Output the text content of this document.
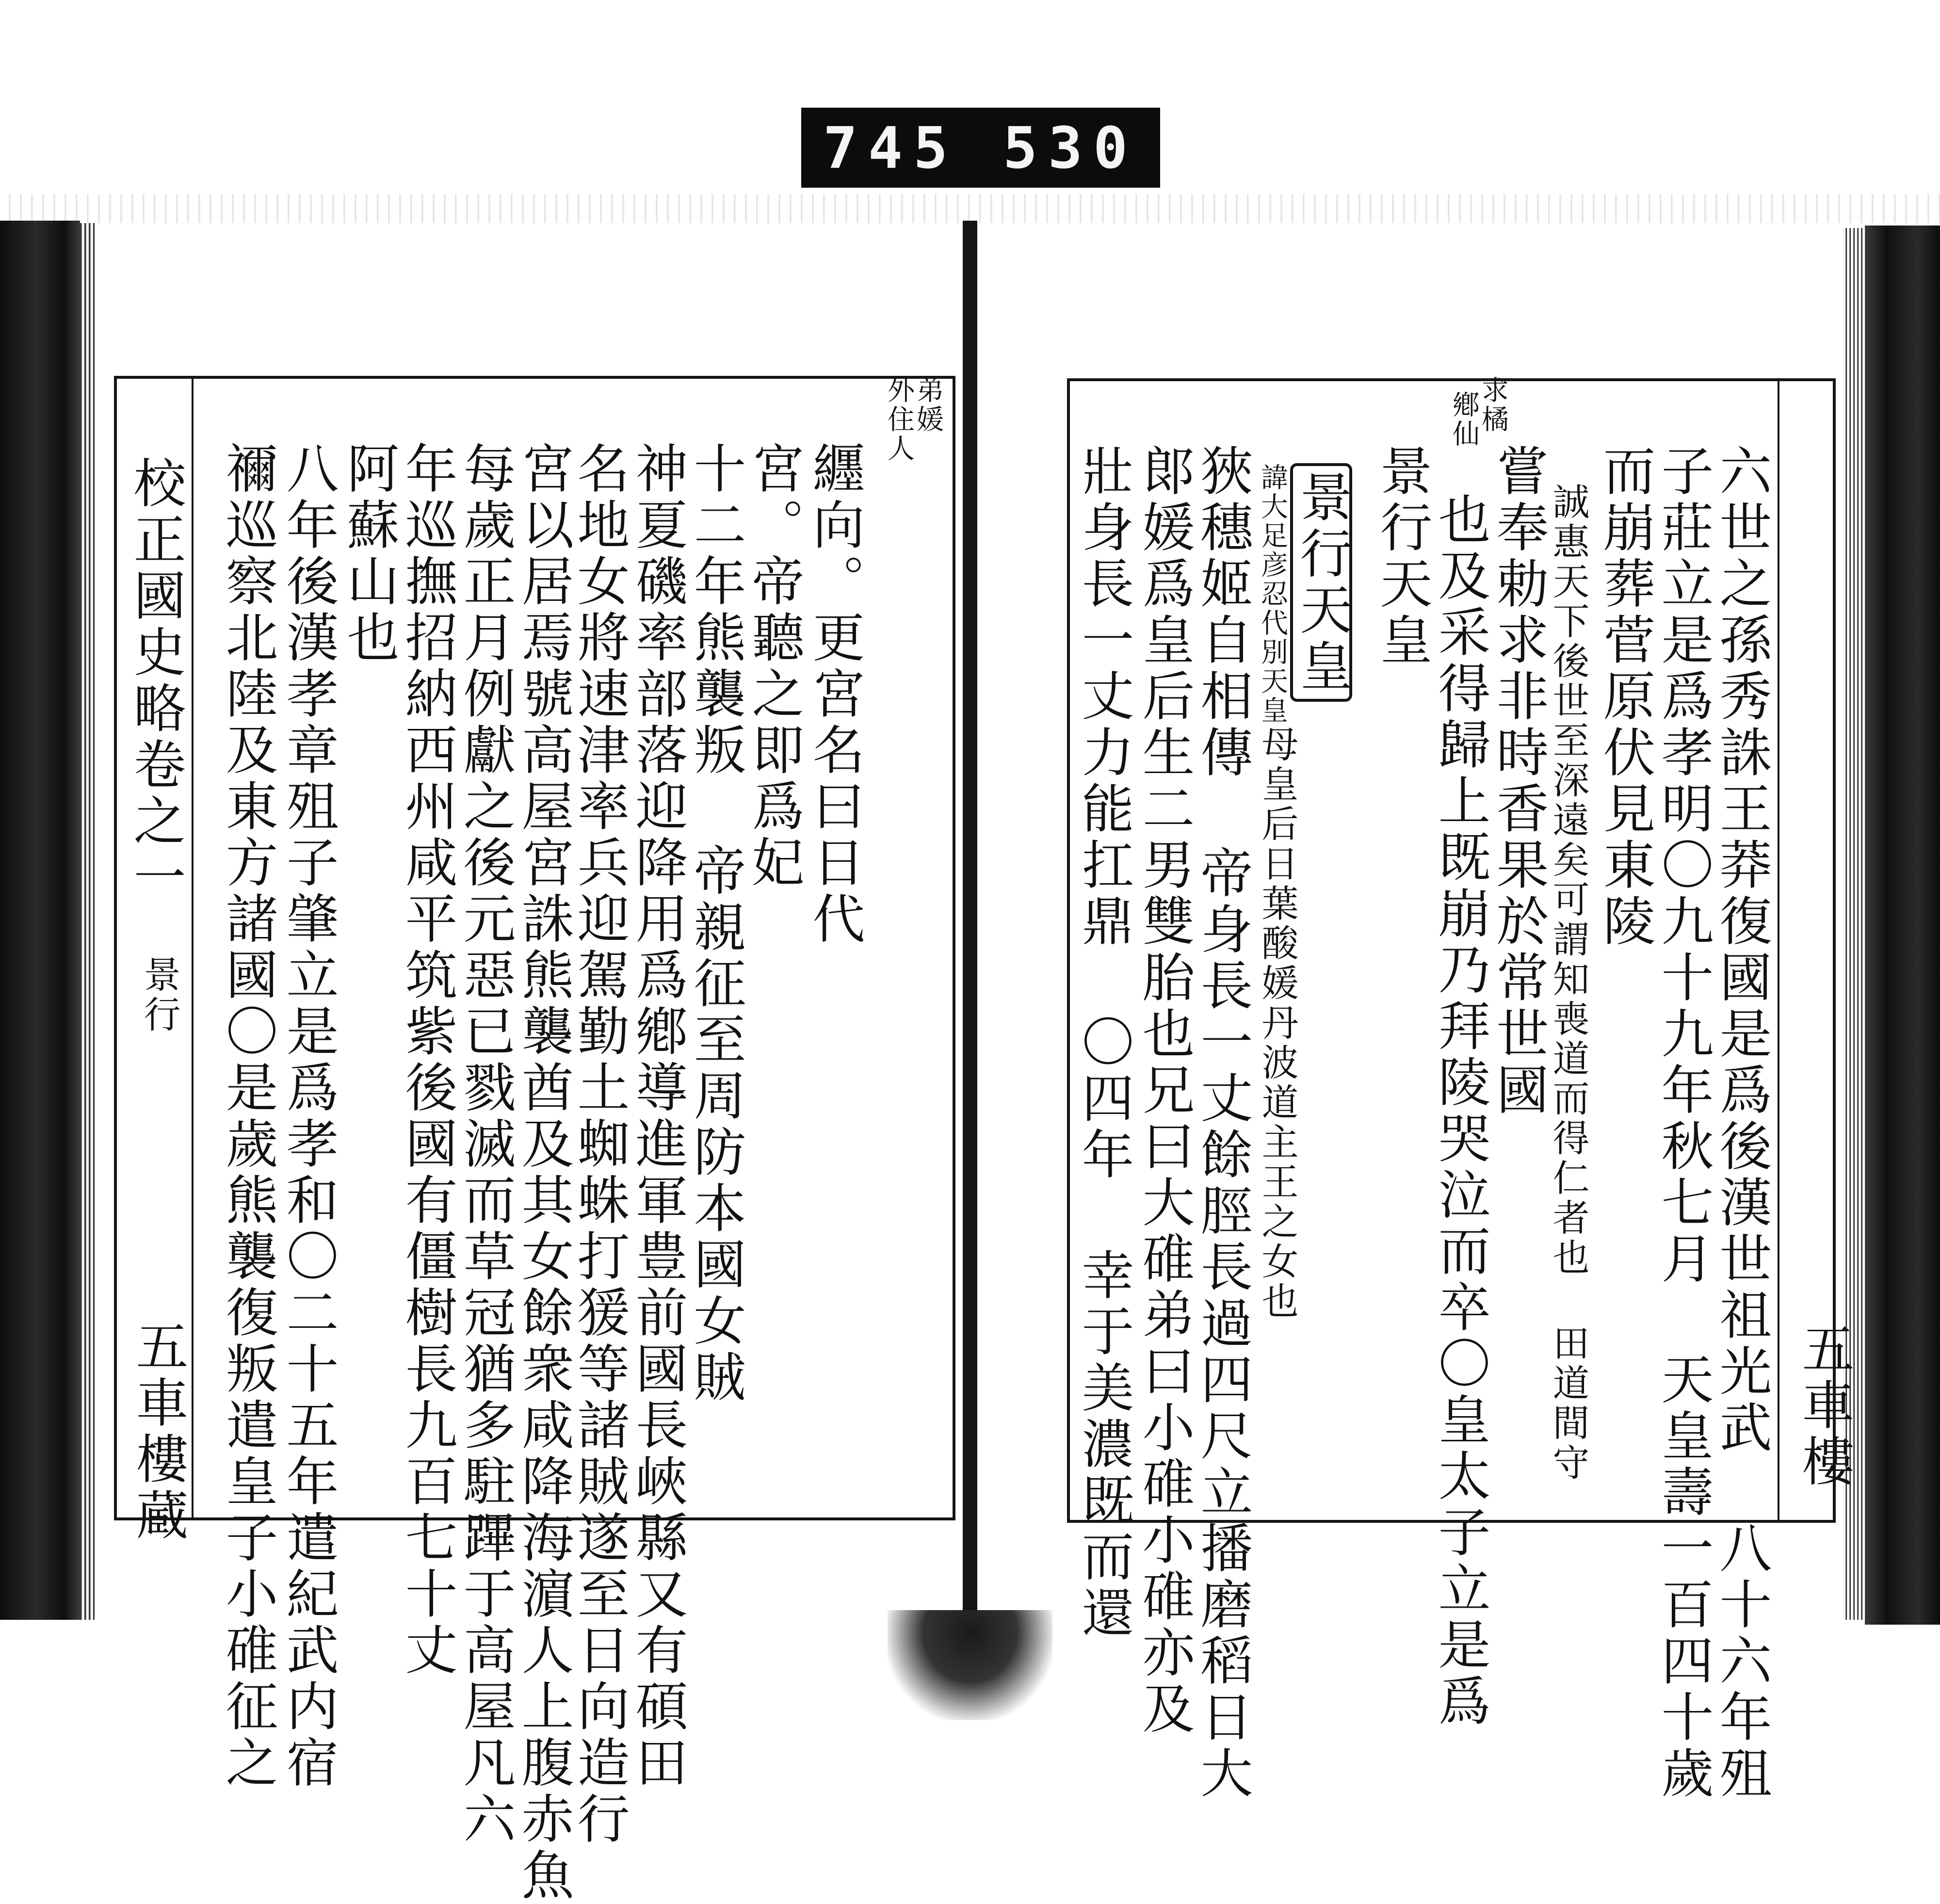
745 530
弟媛
外住人
纒向。更宮名曰日代
宮。帝聽之即爲妃
十二年熊襲叛 帝親征至周防本國女賊
神夏磯率部落迎降用爲鄕導進軍豊前國長峽縣又有碩田
名地女將速津率兵迎駕勤土蜘蛛打猨等諸賊遂至日向造行
宮以居焉號高屋宮誅熊襲酋及其女餘衆咸降海濵人上腹赤魚
每歲正月例獻之後元惡已戮滅而草冠猶多駐蹕于高屋凡六
年巡撫招納西州咸平筑紫後國有僵樹長九百七十丈
阿蘇山也
八年後漢孝章殂子肇立是爲孝和〇二十五年遣紀武内宿
禰巡察北陸及東方諸國〇是歲熊襲復叛遣皇子小碓征之
校正國史略卷之一
景行
五車樓蔵
求橘
鄕仙
六世之孫秀誅王莽復國是爲後漢世祖光武 八十六年殂
子莊立是爲孝明〇九十九年秋七月 天皇壽一百四十歲
而崩葬菅原伏見東陵
誠惠天下後世至深遠矣可謂知喪道而得仁者也 田道間守
嘗奉勅求非時香果於常世國
也及采得歸上既崩乃拜陵哭泣而卒〇皇太子立是爲
景行天皇
景行天皇
諱大足彦忍代別天皇
母皇后日葉酸媛丹波道主王之女也
狹穗姬自相傳 帝身長一丈餘脛長過四尺立播磨稻日大
郞媛爲皇后生二男雙胎也兄曰大碓弟曰小碓小碓亦及
壯身長一丈力能扛鼎 〇四年 幸于美濃既而還	五車樓
